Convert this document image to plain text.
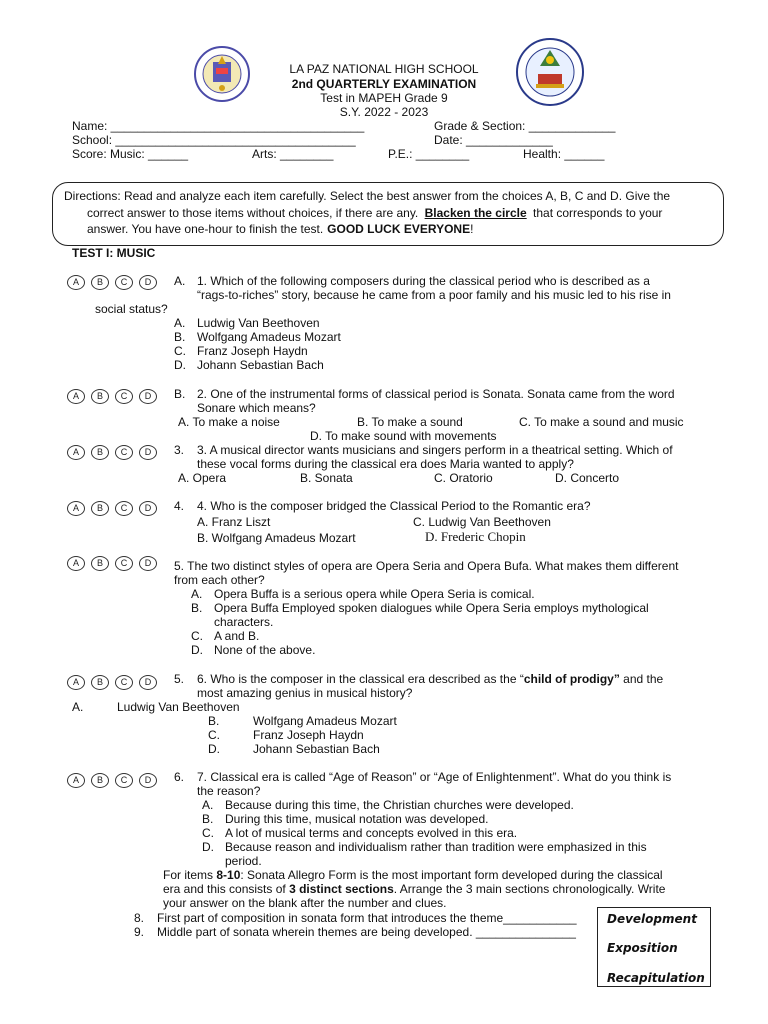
LA PAZ NATIONAL HIGH SCHOOL
2nd QUARTERLY EXAMINATION
Test in MAPEH Grade 9
S.Y. 2022 - 2023
Name: ______________________________________
School: ____________________________________
Score: Music: ______	Arts: ________	P.E.: ________	Health: ______
Grade & Section: _____________
Date: _____________
Directions: Read and analyze each item carefully. Select the best answer from the choices A, B, C and D. Give the
correct answer to those items without choices, if there are any. Blacken the circle that corresponds to your
answer. You have one-hour to finish the test. GOOD LUCK EVERYONE!
TEST I: MUSIC
A	B	C	D
A	B	C	D
A	B	C	D
A	B	C	D
A	B	C	D
A	B	C	D
A	B	C	D
A. 1. Which of the following composers during the classical period who is described as a
“rags-to-riches” story, because he came from a poor family and his music led to his rise in
social status?
A. Ludwig Van Beethoven
B. Wolfgang Amadeus Mozart
C. Franz Joseph Haydn
D. Johann Sebastian Bach
B. 2. One of the instrumental forms of classical period is Sonata. Sonata came from the word
Sonare which means?
A. To make a noise	B. To make a sound	C. To make a sound and music
D. To make sound with movements
3. 3. A musical director wants musicians and singers perform in a theatrical setting. Which of
these vocal forms during the classical era does Maria wanted to apply?
A. Opera	B. Sonata	C. Oratorio	D. Concerto
4. 4. Who is the composer bridged the Classical Period to the Romantic era?
A. Franz Liszt	C. Ludwig Van Beethoven
B. Wolfgang Amadeus Mozart	D. Frederic Chopin
5. The two distinct styles of opera are Opera Seria and Opera Bufa. What makes them different
from each other?
A. Opera Buffa is a serious opera while Opera Seria is comical.
B. Opera Buffa Employed spoken dialogues while Opera Seria employs mythological
characters.
C. A and B.
D. None of the above.
5. 6. Who is the composer in the classical era described as the “child of prodigy” and the
most amazing genius in musical history?
A.	Ludwig Van Beethoven
B.	Wolfgang Amadeus Mozart
C.	Franz Joseph Haydn
D.	Johann Sebastian Bach
6. 7. Classical era is called “Age of Reason” or “Age of Enlightenment”. What do you think is
the reason?
A. Because during this time, the Christian churches were developed.
B. During this time, musical notation was developed.
C. A lot of musical terms and concepts evolved in this era.
D. Because reason and individualism rather than tradition were emphasized in this
period.
For items 8-10: Sonata Allegro Form is the most important form developed during the classical
era and this consists of 3 distinct sections. Arrange the 3 main sections chronologically. Write
your answer on the blank after the number and clues.
8. First part of composition in sonata form that introduces the theme___________
9. Middle part of sonata wherein themes are being developed. _______________
Development
Exposition
Recapitulation
